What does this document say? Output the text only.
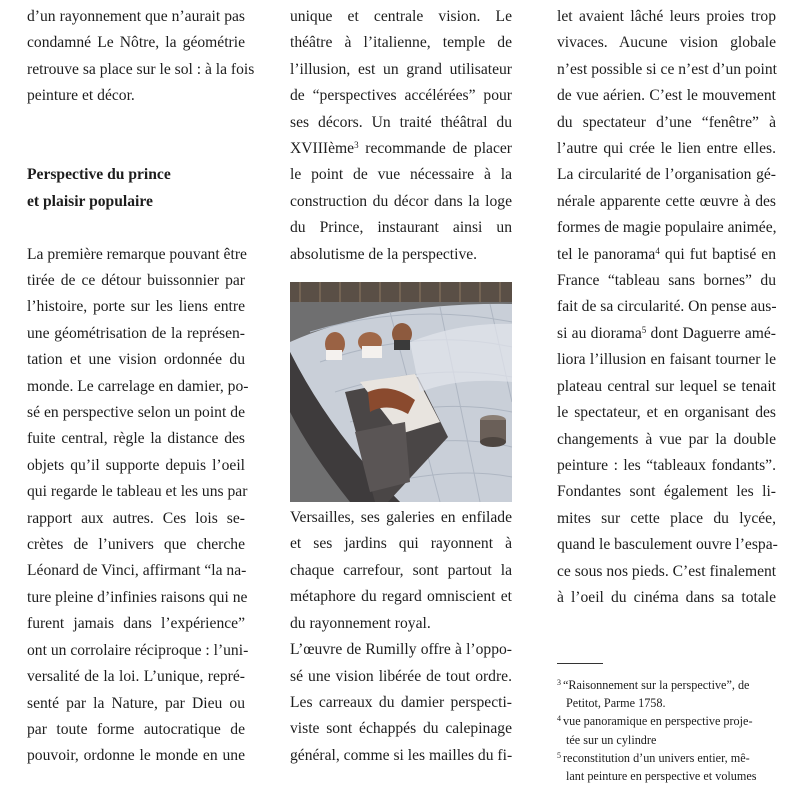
d’un rayonnement que n’aurait pas
condamné Le Nôtre, la géométrie
retrouve sa place sur le sol : à la fois
peinture et décor.

Perspective du prince
et plaisir populaire

La première remarque pouvant être
tirée de ce détour buissonnier par
l’histoire, porte sur les liens entre
une géométrisation de la représen-
tation et une vision ordonnée du
monde. Le carrelage en damier, po-
sé en perspective selon un point de
fuite central, règle la distance des
objets qu’il supporte depuis l’oeil
qui regarde le tableau et les uns par
rapport aux autres. Ces lois se-
crètes de l’univers que cherche
Léonard de Vinci, affirmant “la na-
ture pleine d’infinies raisons qui ne
furent jamais dans l’expérience”
ont un corrolaire réciproque : l’uni-
versalité de la loi. L’unique, repré-
senté par la Nature, par Dieu ou
par toute forme autocratique de
pouvoir, ordonne le monde en une

unique et centrale vision. Le
théâtre à l’italienne, temple de
l’illusion, est un grand utilisateur
de “perspectives accélérées” pour
ses décors. Un traité théâtral du
XVIIIème$^3$ recommande de placer
le point de vue nécessaire à la
construction du décor dans la loge
du Prince, instaurant ainsi un
absolutisme de la perspective.

Versailles, ses galeries en enfilade
et ses jardins qui rayonnent à
chaque carrefour, sont partout la
métaphore du regard omniscient et
du rayonnement royal.
L’œuvre de Rumilly offre à l’oppo-
sé une vision libérée de tout ordre.
Les carreaux du damier perspecti-
viste sont échappés du calepinage
général, comme si les mailles du fi-

let avaient lâché leurs proies trop
vivaces. Aucune vision globale
n’est possible si ce n’est d’un point
de vue aérien. C’est le mouvement
du spectateur d’une “fenêtre” à
l’autre qui crée le lien entre elles.
La circularité de l’organisation gé-
nérale apparente cette œuvre à des
formes de magie populaire animée,
tel le panorama$^4$ qui fut baptisé en
France “tableau sans bornes” du
fait de sa circularité. On pense aus-
si au diorama$^5$ dont Daguerre amé-
liora l’illusion en faisant tourner le
plateau central sur lequel se tenait
le spectateur, et en organisant des
changements à vue par la double
peinture : les “tableaux fondants”.
Fondantes sont également les li-
mites sur cette place du lycée,
quand le basculement ouvre l’espa-
ce sous nos pieds. C’est finalement
à l’oeil du cinéma dans sa totale

$^3$ “Raisonnement sur la perspective”, de
Petitot, Parme 1758.
$^4$ vue panoramique en perspective proje-
tée sur un cylindre
$^5$ reconstitution d’un univers entier, mê-
lant peinture en perspective et volumes
